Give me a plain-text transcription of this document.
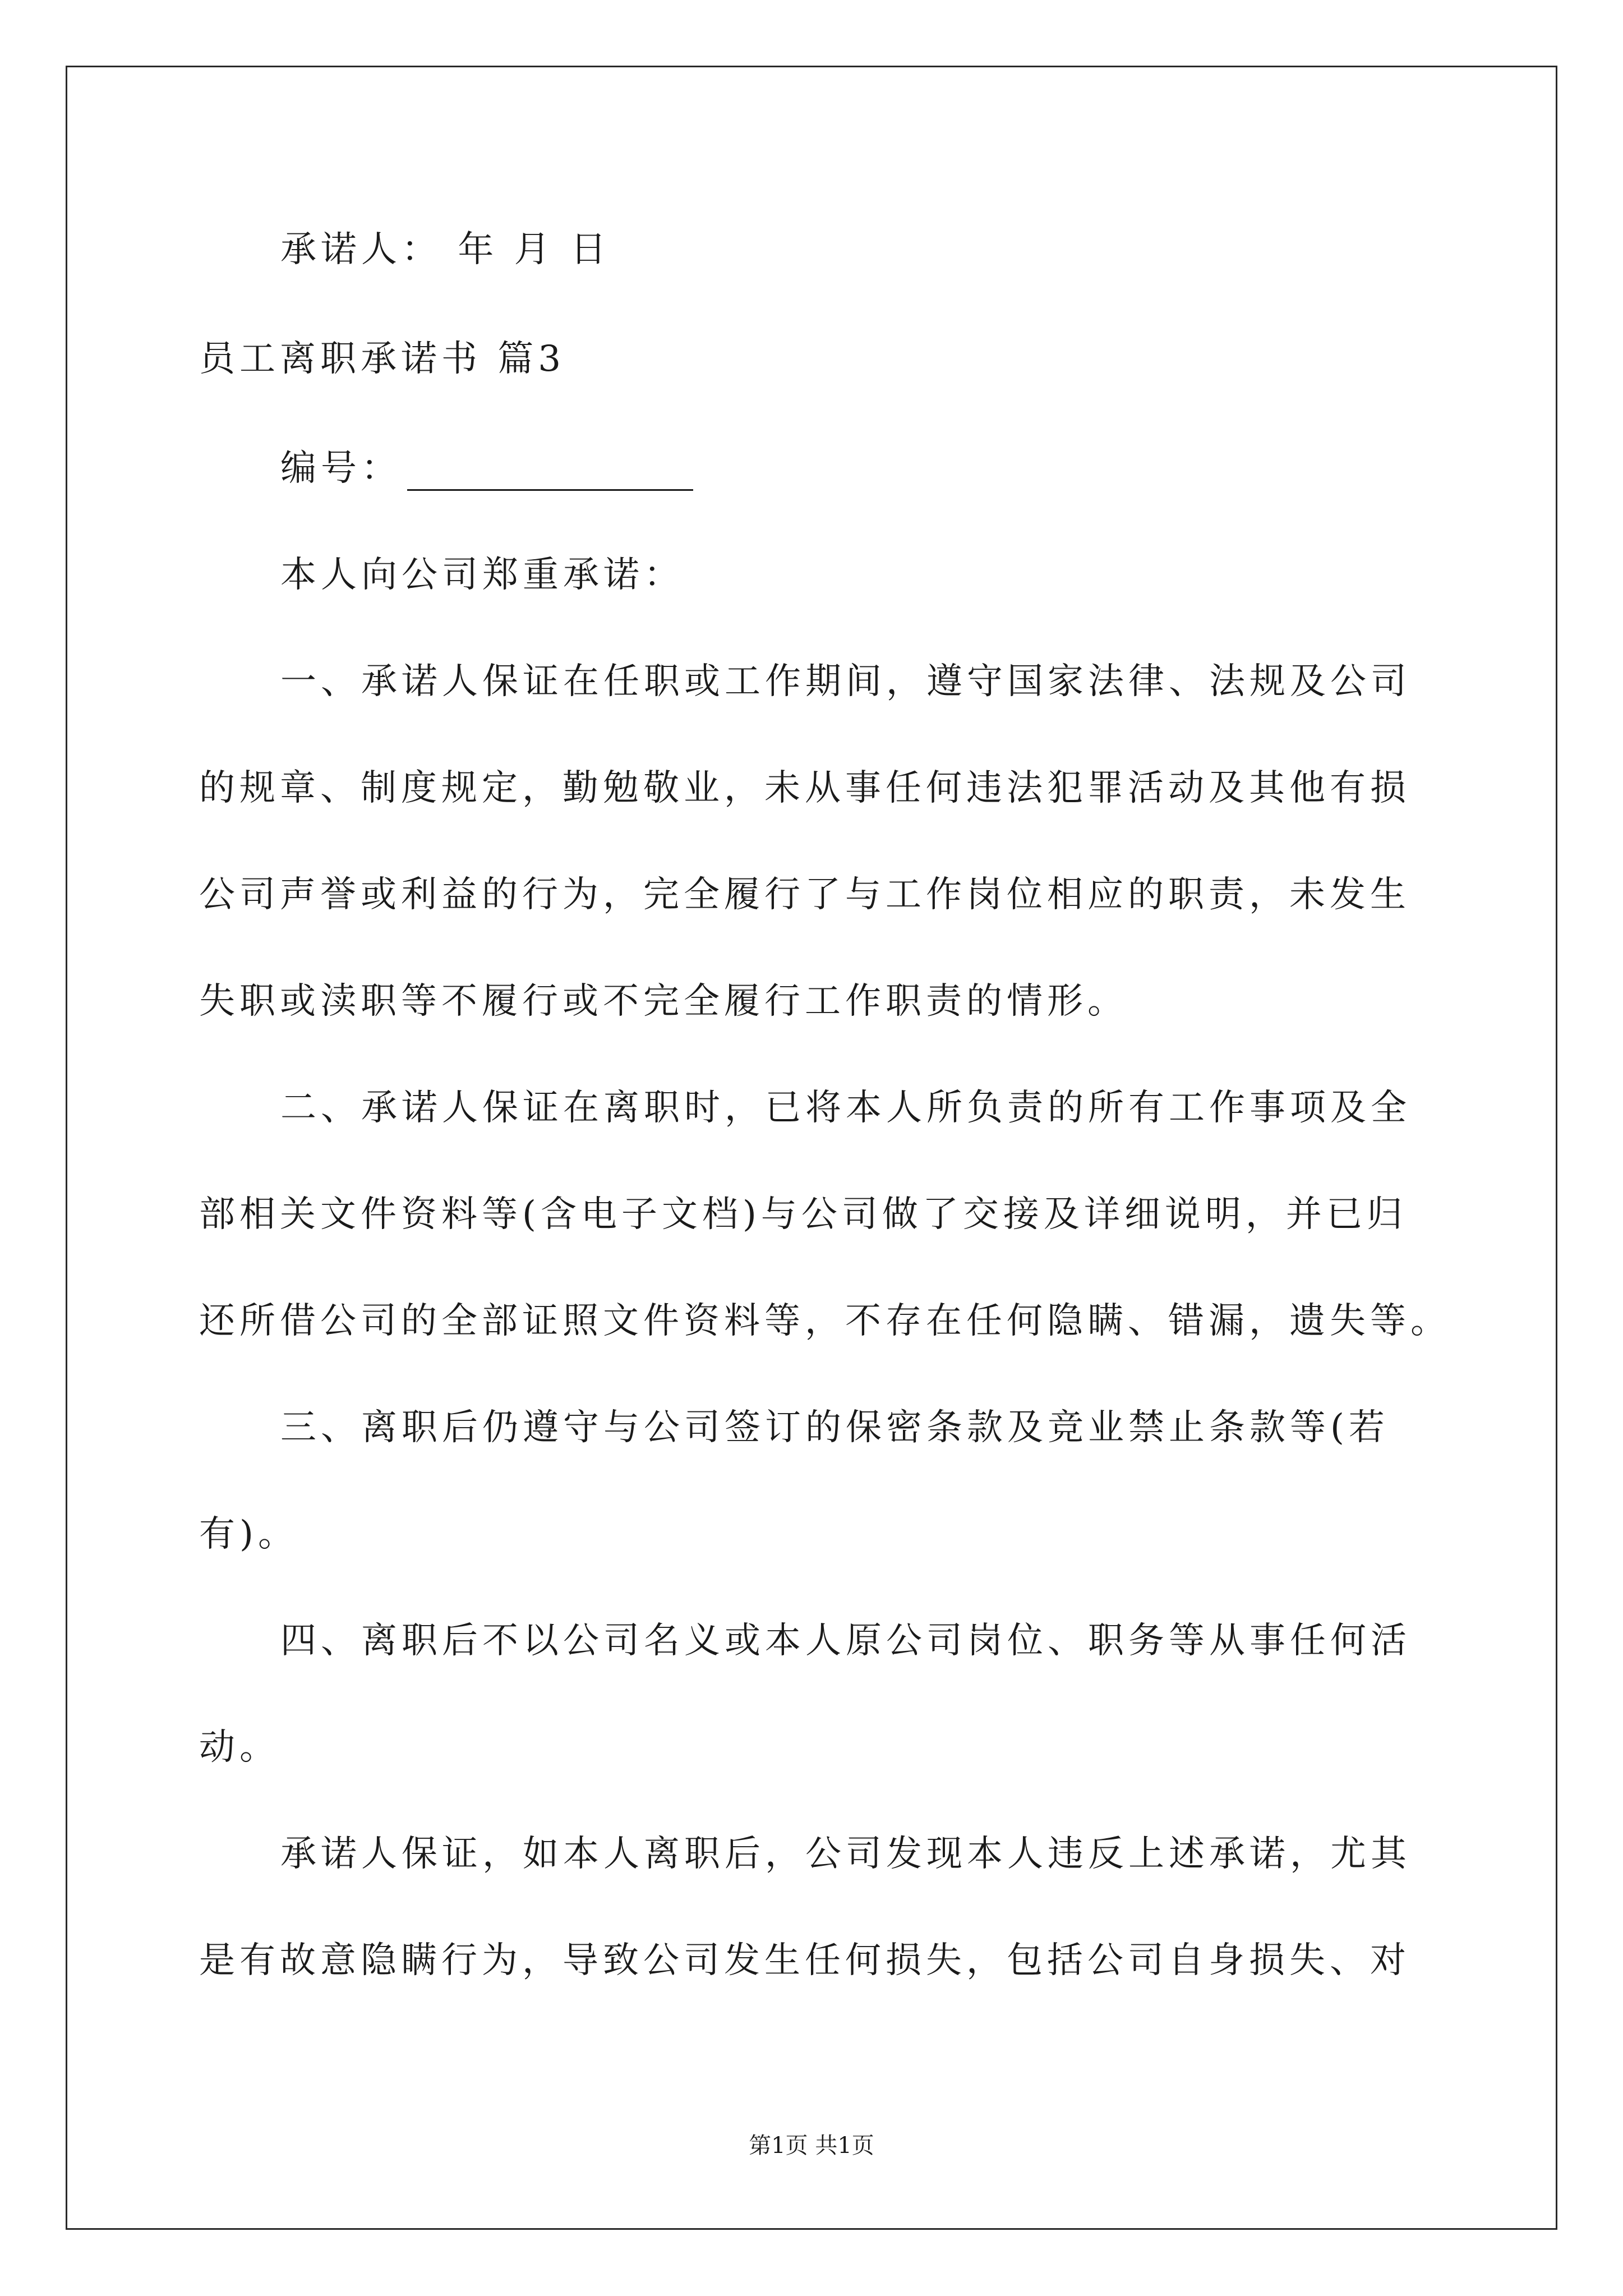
承诺人： 年 月 日
员工离职承诺书 篇3
编号：
本人向公司郑重承诺：
一、承诺人保证在任职或工作期间，遵守国家法律、法规及公司
的规章、制度规定，勤勉敬业，未从事任何违法犯罪活动及其他有损
公司声誉或利益的行为，完全履行了与工作岗位相应的职责，未发生
失职或渎职等不履行或不完全履行工作职责的情形。
二、承诺人保证在离职时，已将本人所负责的所有工作事项及全
部相关文件资料等(含电子文档)与公司做了交接及详细说明，并已归
还所借公司的全部证照文件资料等，不存在任何隐瞒、错漏，遗失等。
三、离职后仍遵守与公司签订的保密条款及竞业禁止条款等(若
有)。
四、离职后不以公司名义或本人原公司岗位、职务等从事任何活
动。
承诺人保证，如本人离职后，公司发现本人违反上述承诺，尤其
是有故意隐瞒行为，导致公司发生任何损失，包括公司自身损失、对
第1页 共1页
